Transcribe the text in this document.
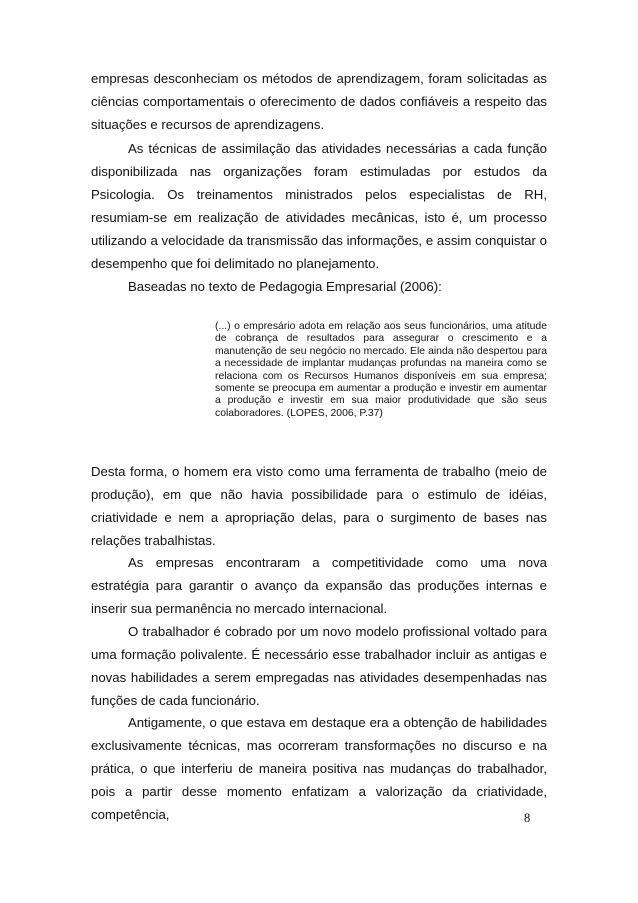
empresas desconheciam os métodos de aprendizagem, foram solicitadas as ciências comportamentais o oferecimento de dados confiáveis a respeito das situações e recursos de aprendizagens.

As técnicas de assimilação das atividades necessárias a cada função disponibilizada nas organizações foram estimuladas por estudos da Psicologia. Os treinamentos ministrados pelos especialistas de RH, resumiam-se em realização de atividades mecânicas, isto é, um processo utilizando a velocidade da transmissão das informações, e assim conquistar o desempenho que foi delimitado no planejamento.

Baseadas no texto de Pedagogia Empresarial (2006):

(...) o empresário adota em relação aos seus funcionários, uma atitude de cobrança de resultados para assegurar o crescimento e a manutenção de seu negócio no mercado. Ele ainda não despertou para a necessidade de implantar mudanças profundas na maneira como se relaciona com os Recursos Humanos disponíveis em sua empresa; somente se preocupa em aumentar a produção e investir em aumentar a produção e investir em sua maior produtividade que são seus colaboradores. (LOPES, 2006, P.37)

Desta forma, o homem era visto como uma ferramenta de trabalho (meio de produção), em que não havia possibilidade para o estimulo de idéias, criatividade e nem a apropriação delas, para o surgimento de bases nas relações trabalhistas.

As empresas encontraram a competitividade como uma nova estratégia para garantir o avanço da expansão das produções internas e inserir sua permanência no mercado internacional.

O trabalhador é cobrado por um novo modelo profissional voltado para uma formação polivalente. É necessário esse trabalhador incluir as antigas e novas habilidades a serem empregadas nas atividades desempenhadas nas funções de cada funcionário.

Antigamente, o que estava em destaque era a obtenção de habilidades exclusivamente técnicas, mas ocorreram transformações no discurso e na prática, o que interferiu de maneira positiva nas mudanças do trabalhador, pois a partir desse momento enfatizam a valorização da criatividade, competência,	8
